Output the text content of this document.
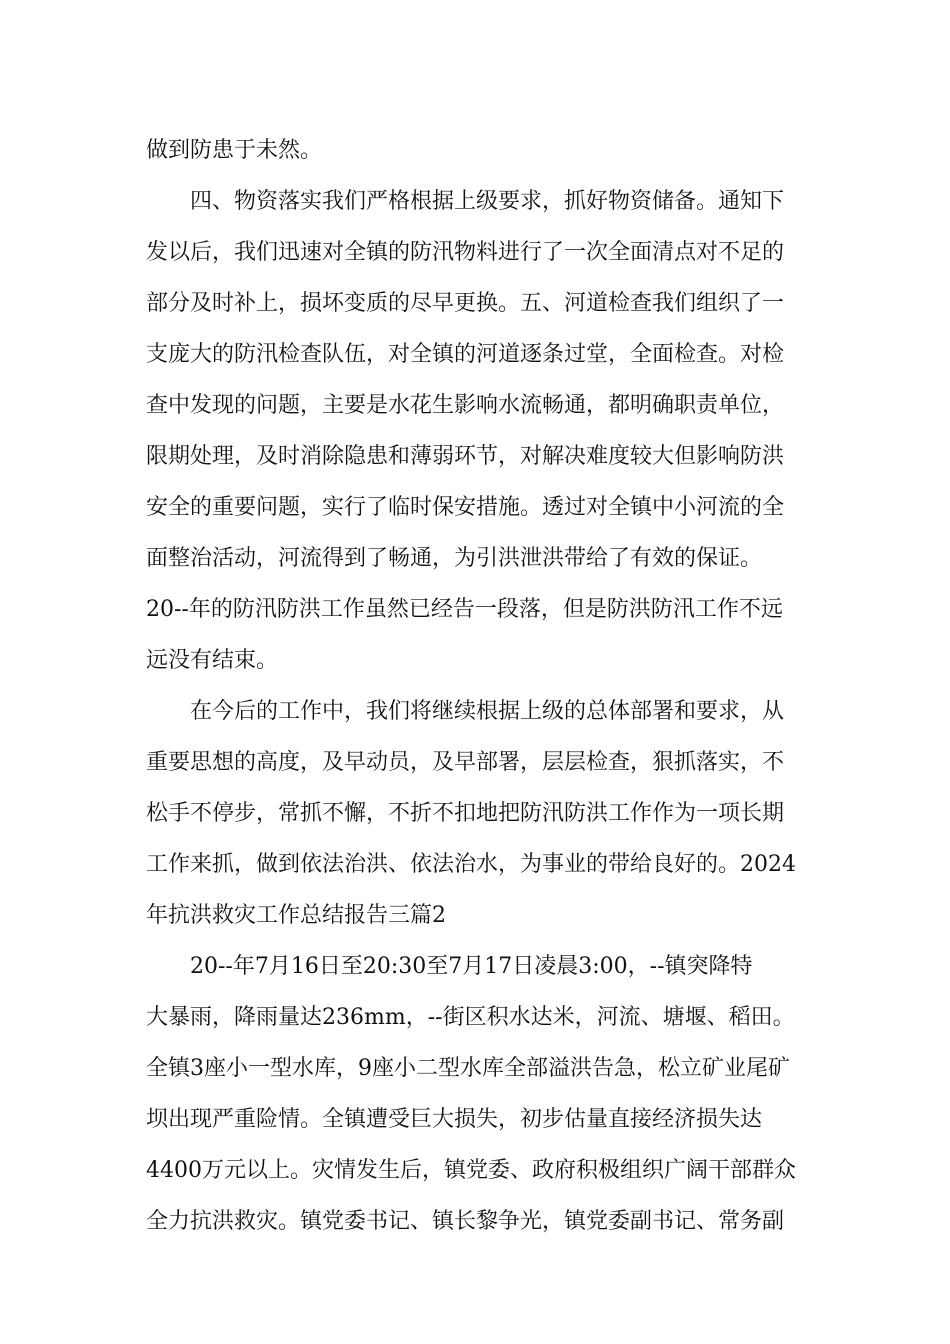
做到防患于未然。
四、物资落实我们严格根据上级要求，抓好物资储备。通知下
发以后，我们迅速对全镇的防汛物料进行了一次全面清点对不足的
部分及时补上，损坏变质的尽早更换。五、河道检查我们组织了一
支庞大的防汛检查队伍，对全镇的河道逐条过堂，全面检查。对检
查中发现的问题，主要是水花生影响水流畅通，都明确职责单位，
限期处理，及时消除隐患和薄弱环节，对解决难度较大但影响防洪
安全的重要问题，实行了临时保安措施。透过对全镇中小河流的全
面整治活动，河流得到了畅通，为引洪泄洪带给了有效的保证。
20--年的防汛防洪工作虽然已经告一段落，但是防洪防汛工作不远
远没有结束。
在今后的工作中，我们将继续根据上级的总体部署和要求，从
重要思想的高度，及早动员，及早部署，层层检查，狠抓落实，不
松手不停步，常抓不懈，不折不扣地把防汛防洪工作作为一项长期
工作来抓，做到依法治洪、依法治水，为事业的带给良好的。2024
年抗洪救灾工作总结报告三篇2
20--年7月16日至20:30至7月17日凌晨3:00，--镇突降特
大暴雨，降雨量达236mm，--街区积水达米，河流、塘堰、稻田。
全镇3座小一型水库，9座小二型水库全部溢洪告急，松立矿业尾矿
坝出现严重险情。全镇遭受巨大损失，初步估量直接经济损失达
4400万元以上。灾情发生后，镇党委、政府积极组织广阔干部群众
全力抗洪救灾。镇党委书记、镇长黎争光，镇党委副书记、常务副
